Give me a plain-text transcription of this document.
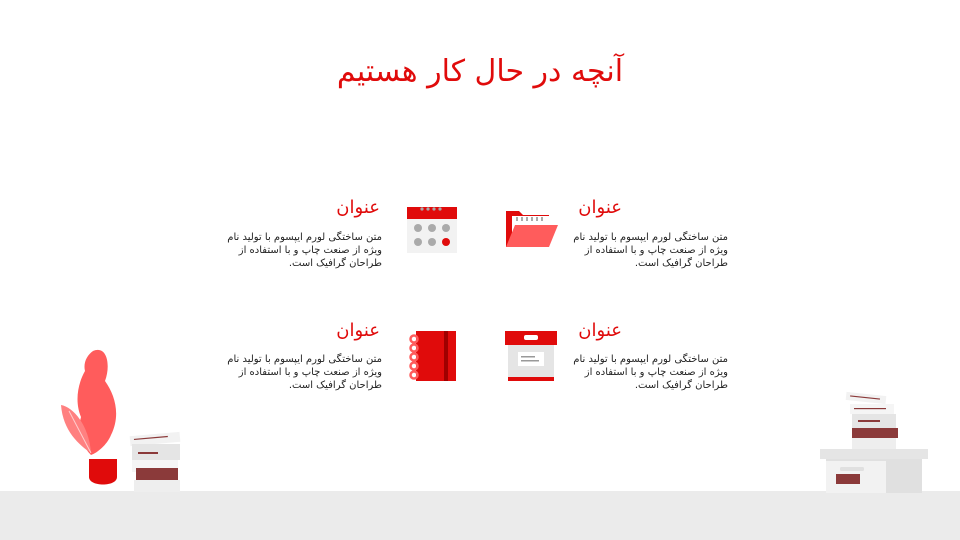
آنچه در حال کار هستیم
عنوان
متن ساختگی لورم ایپسوم با تولید نام ویژه از صنعت چاپ و با استفاده از طراحان گرافیک است.
عنوان
متن ساختگی لورم ایپسوم با تولید نام ویژه از صنعت چاپ و با استفاده از طراحان گرافیک است.
عنوان
متن ساختگی لورم ایپسوم با تولید نام ویژه از صنعت چاپ و با استفاده از طراحان گرافیک است.
عنوان
متن ساختگی لورم ایپسوم با تولید نام ویژه از صنعت چاپ و با استفاده از طراحان گرافیک است.
